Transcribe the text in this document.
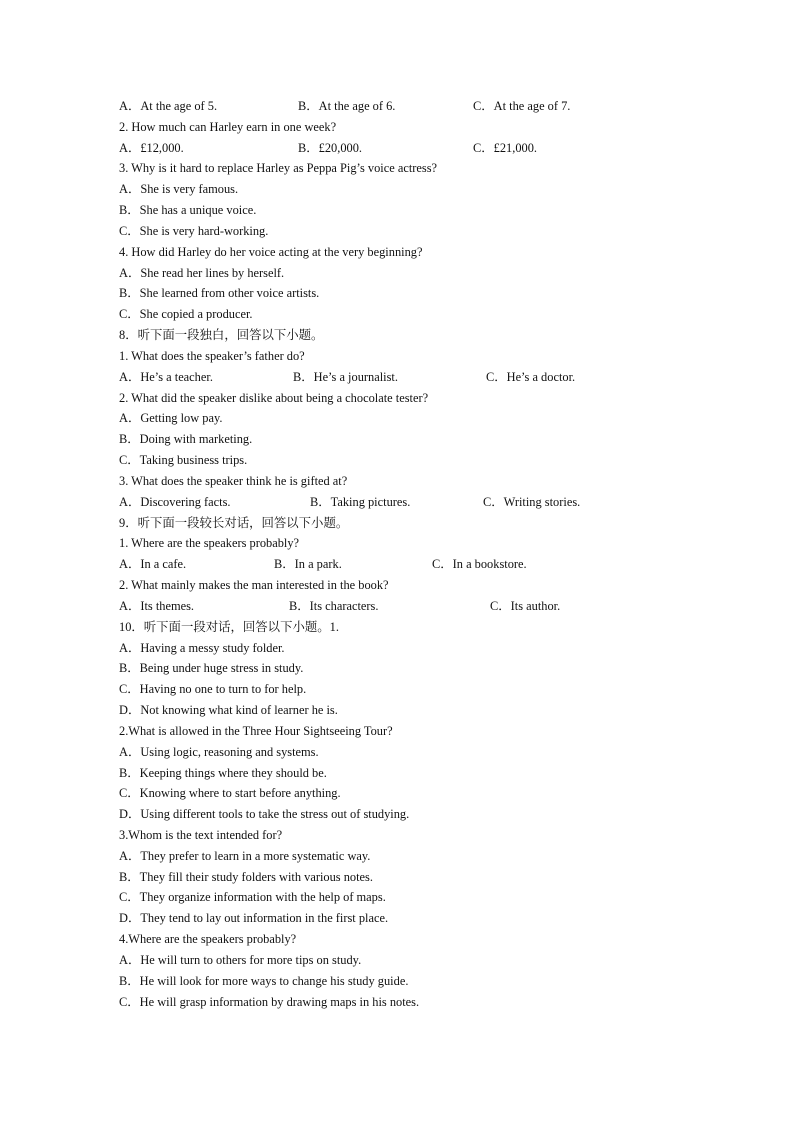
A．At the age of 5.	B．At the age of 6.	C．At the age of 7.
2. How much can Harley earn in one week?
A．£12,000.	B．£20,000.	C．£21,000.
3. Why is it hard to replace Harley as Peppa Pig’s voice actress?
A．She is very famous.
B．She has a unique voice.
C．She is very hard-working.
4. How did Harley do her voice acting at the very beginning?
A．She read her lines by herself.
B．She learned from other voice artists.
C．She copied a producer.
8．听下面一段独白，回答以下小题。
1. What does the speaker’s father do?
A．He’s a teacher.	B．He’s a journalist.	C．He’s a doctor.
2. What did the speaker dislike about being a chocolate tester?
A．Getting low pay.
B．Doing with marketing.
C．Taking business trips.
3. What does the speaker think he is gifted at?
A．Discovering facts.	B．Taking pictures.	C．Writing stories.
9．听下面一段较长对话，回答以下小题。
1. Where are the speakers probably?
A．In a cafe.	B．In a park.	C．In a bookstore.
2. What mainly makes the man interested in the book?
A．Its themes.	B．Its characters.	C．Its author.
10．听下面一段对话，回答以下小题。1.
A．Having a messy study folder.
B．Being under huge stress in study.
C．Having no one to turn to for help.
D．Not knowing what kind of learner he is.
2.What is allowed in the Three Hour Sightseeing Tour?
A．Using logic, reasoning and systems.
B．Keeping things where they should be.
C．Knowing where to start before anything.
D．Using different tools to take the stress out of studying.
3.Whom is the text intended for?
A．They prefer to learn in a more systematic way.
B．They fill their study folders with various notes.
C．They organize information with the help of maps.
D．They tend to lay out information in the first place.
4.Where are the speakers probably?
A．He will turn to others for more tips on study.
B．He will look for more ways to change his study guide.
C．He will grasp information by drawing maps in his notes.
